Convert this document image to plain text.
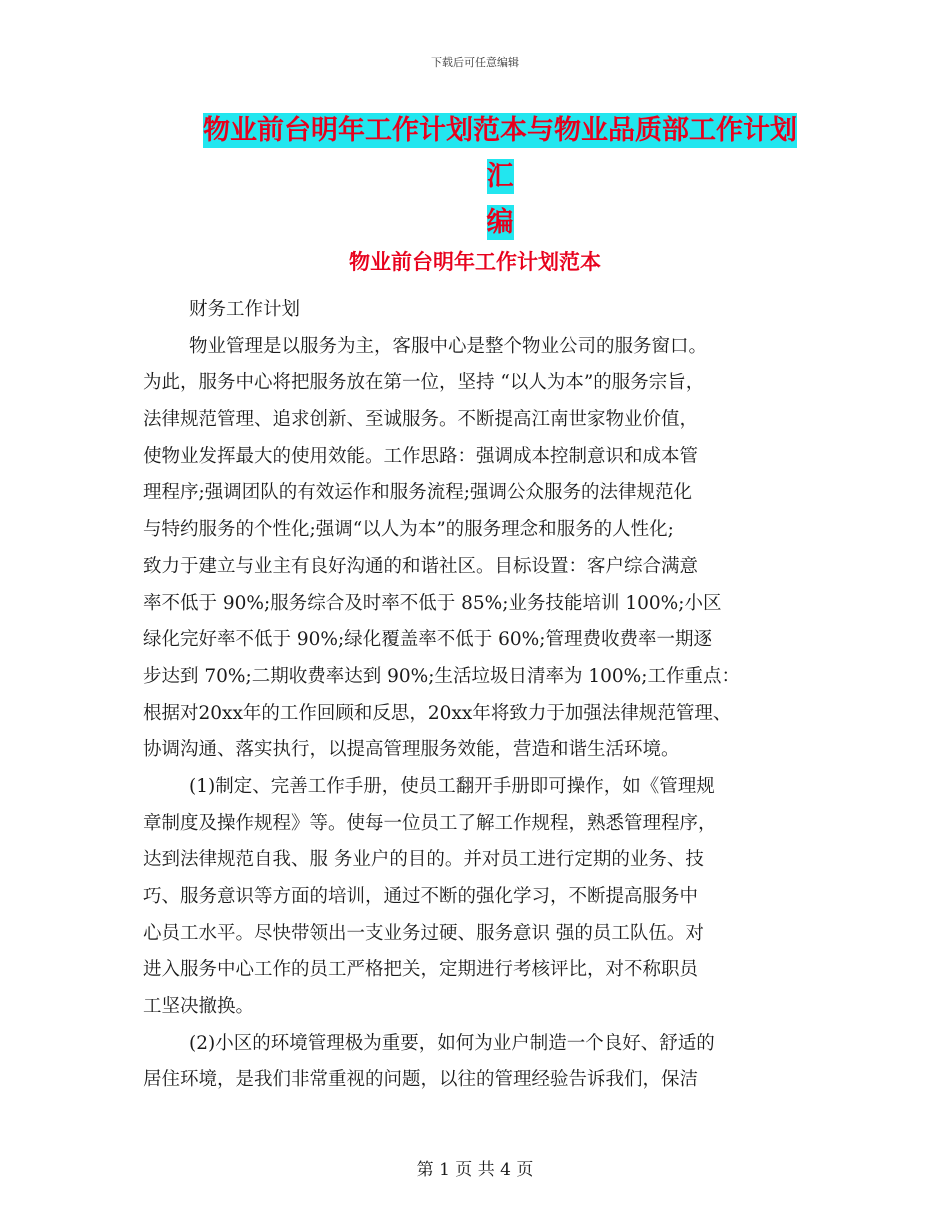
下载后可任意编辑
物业前台明年工作计划范本与物业品质部工作计划汇
编
物业前台明年工作计划范本
财务工作计划
物业管理是以服务为主，客服中心是整个物业公司的服务窗口。
为此，服务中心将把服务放在第一位，坚持 “以人为本”的服务宗旨，
法律规范管理、追求创新、至诚服务。不断提高江南世家物业价值，
使物业发挥最大的使用效能。工作思路：强调成本控制意识和成本管
理程序;强调团队的有效运作和服务流程;强调公众服务的法律规范化
与特约服务的个性化;强调“以人为本”的服务理念和服务的人性化;
致力于建立与业主有良好沟通的和谐社区。目标设置：客户综合满意
率不低于 90%;服务综合及时率不低于 85%;业务技能培训 100%;小区
绿化完好率不低于 90%;绿化覆盖率不低于 60%;管理费收费率一期逐
步达到 70%;二期收费率达到 90%;生活垃圾日清率为 100%;工作重点：
根据对20xx年的工作回顾和反思，20xx年将致力于加强法律规范管理、
协调沟通、落实执行，以提高管理服务效能，营造和谐生活环境。
(1)制定、完善工作手册，使员工翻开手册即可操作，如《管理规
章制度及操作规程》等。使每一位员工了解工作规程，熟悉管理程序，
达到法律规范自我、服 务业户的目的。并对员工进行定期的业务、技
巧、服务意识等方面的培训，通过不断的强化学习，不断提高服务中
心员工水平。尽快带领出一支业务过硬、服务意识 强的员工队伍。对
进入服务中心工作的员工严格把关，定期进行考核评比，对不称职员
工坚决撤换。
(2)小区的环境管理极为重要，如何为业户制造一个良好、舒适的
居住环境，是我们非常重视的问题，以往的管理经验告诉我们，保洁
第 1 页 共 4 页
